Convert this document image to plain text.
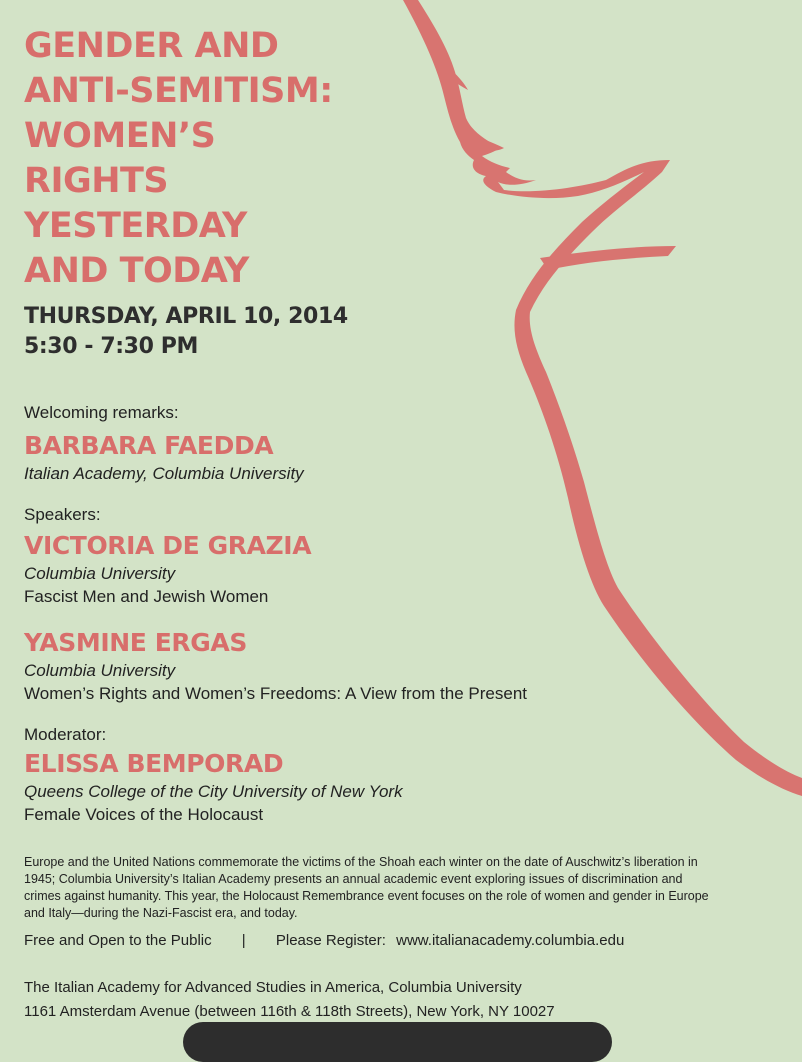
GENDER AND
ANTI-SEMITISM:
WOMEN’S
RIGHTS
YESTERDAY
AND TODAY
THURSDAY, APRIL 10, 2014
5:30 - 7:30 PM
Welcoming remarks:
BARBARA FAEDDA
Italian Academy, Columbia University
Speakers:
VICTORIA DE GRAZIA
Columbia University
Fascist Men and Jewish Women
YASMINE ERGAS
Columbia University
Women’s Rights and Women’s Freedoms: A View from the Present
Moderator:
ELISSA BEMPORAD
Queens College of the City University of New York
Female Voices of the Holocaust

Europe and the United Nations commemorate the victims of the Shoah each winter on the date of Auschwitz’s liberation in 1945; Columbia University’s Italian Academy presents an annual academic event exploring issues of discrimination and crimes against humanity. This year, the Holocaust Remembrance event focuses on the role of women and gender in Europe and Italy—during the Nazi-Fascist era, and today.

Free and Open to the Public | Please Register: www.italianacademy.columbia.edu
The Italian Academy for Advanced Studies in America, Columbia University
1161 Amsterdam Avenue (between 116th & 118th Streets), New York, NY 10027
